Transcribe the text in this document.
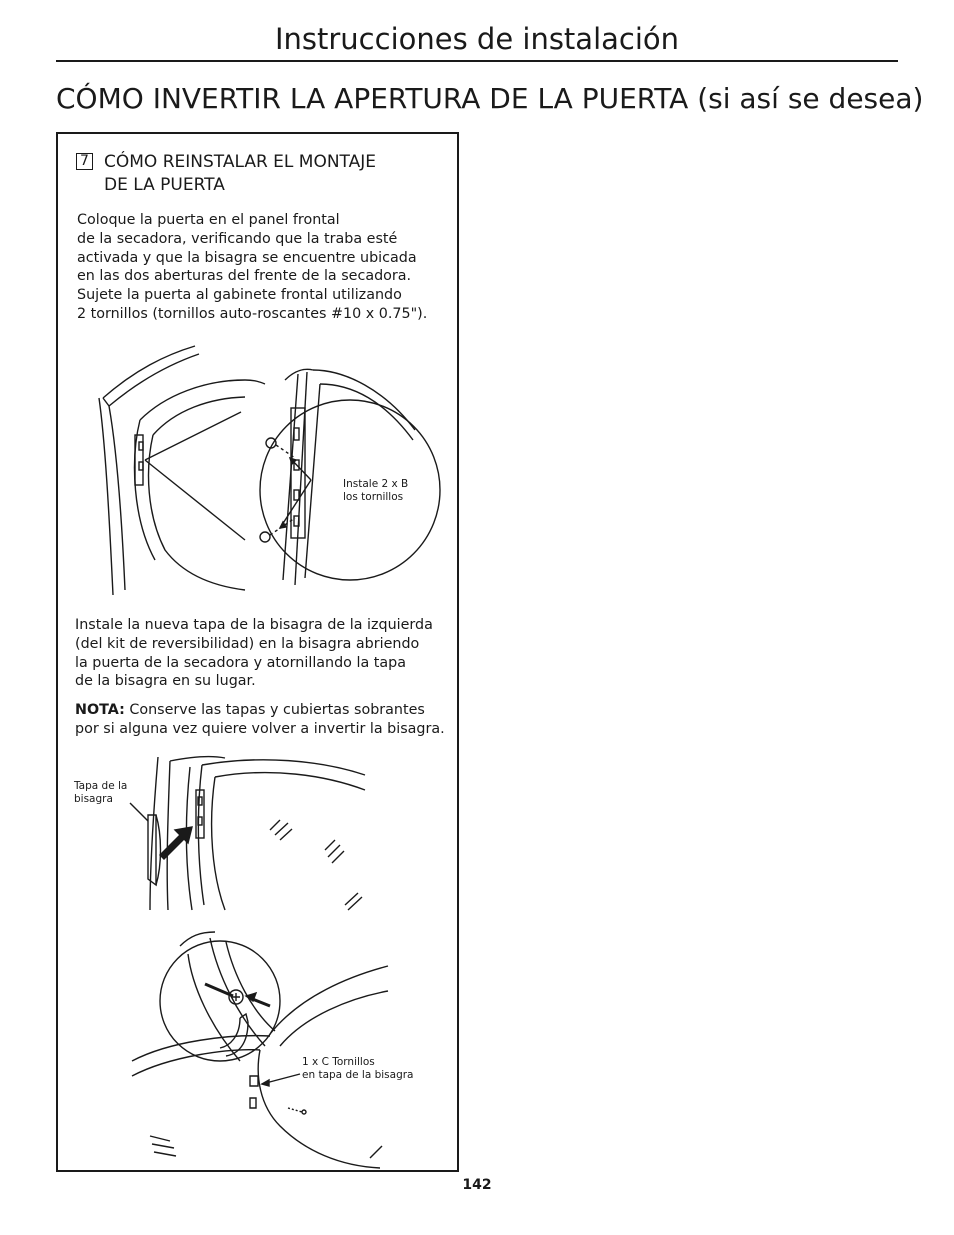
Instrucciones de instalación
CÓMO INVERTIR LA APERTURA DE LA PUERTA (si así se desea)
7 CÓMO REINSTALAR EL MONTAJE
DE LA PUERTA
Coloque la puerta en el panel frontal
de la secadora, verificando que la traba esté
activada y que la bisagra se encuentre ubicada
en las dos aberturas del frente de la secadora.
Sujete la puerta al gabinete frontal utilizando
2 tornillos (tornillos auto-roscantes #10 x 0.75").
Instale 2 x B
los tornillos
Instale la nueva tapa de la bisagra de la izquierda
(del kit de reversibilidad) en la bisagra abriendo
la puerta de la secadora y atornillando la tapa
de la bisagra en su lugar.
NOTA: Conserve las tapas y cubiertas sobrantes
por si alguna vez quiere volver a invertir la bisagra.
Tapa de la
bisagra
1 x C Tornillos
en tapa de la bisagra
142
